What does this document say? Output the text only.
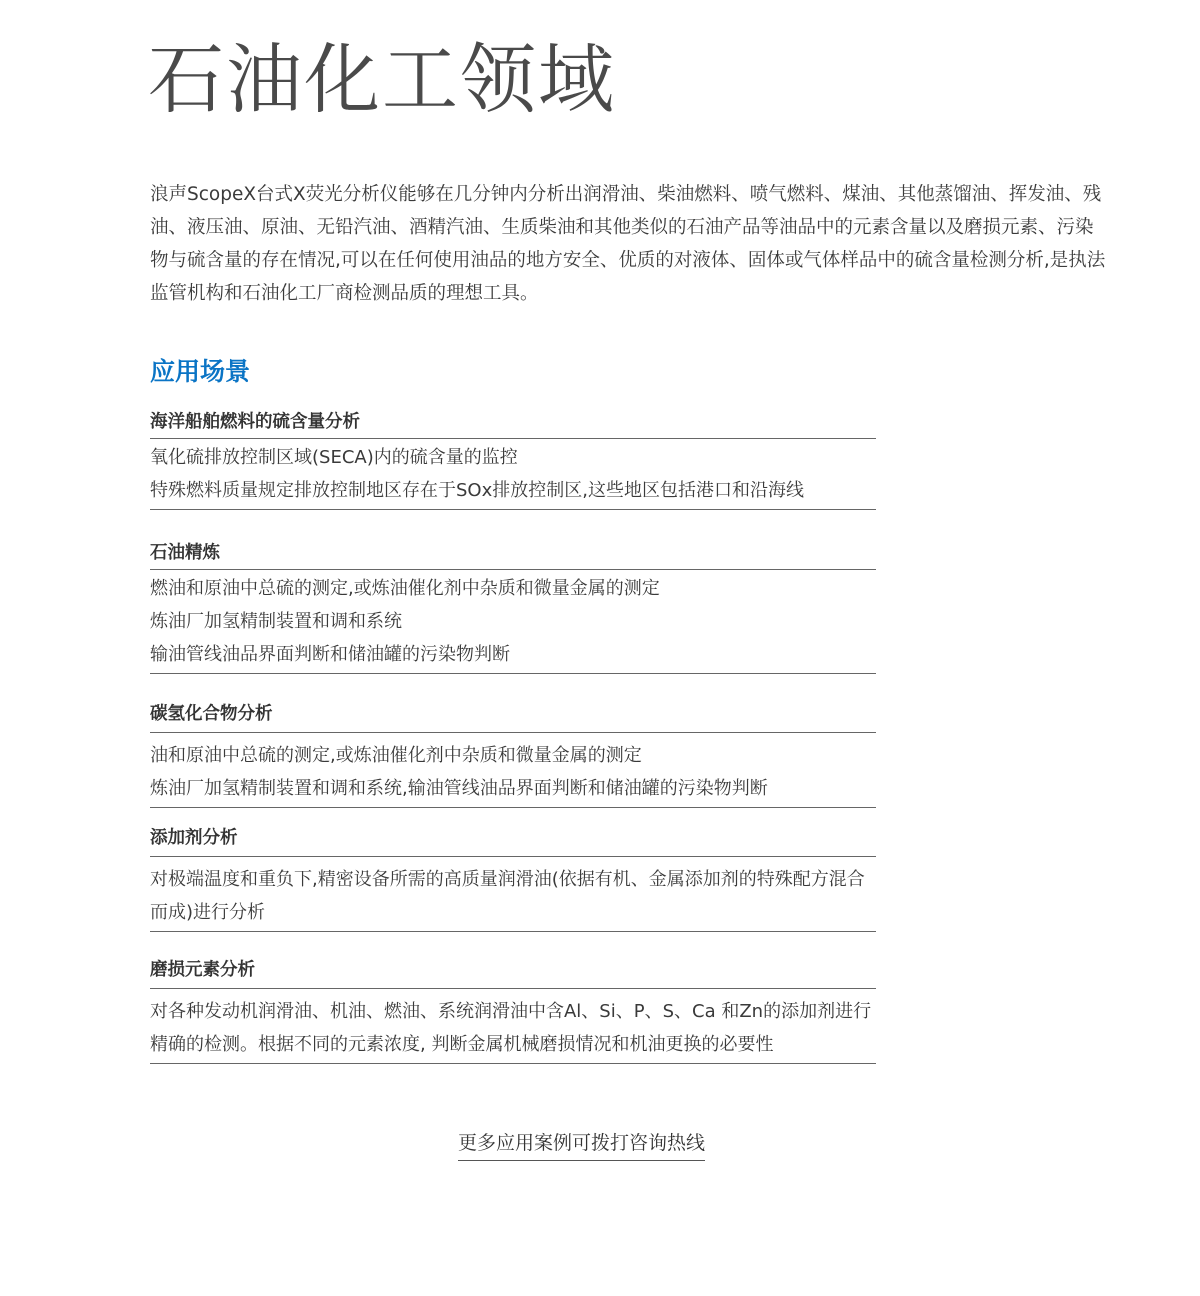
石油化工领域

浪声ScopeX台式X荧光分析仪能够在几分钟内分析出润滑油、柴油燃料、喷气燃料、煤油、其他蒸馏油、挥发油、残油、液压油、原油、无铅汽油、酒精汽油、生质柴油和其他类似的石油产品等油品中的元素含量以及磨损元素、污染物与硫含量的存在情况,可以在任何使用油品的地方安全、优质的对液体、固体或气体样品中的硫含量检测分析,是执法监管机构和石油化工厂商检测品质的理想工具。

应用场景
海洋船舶燃料的硫含量分析
氧化硫排放控制区域(SECA)内的硫含量的监控
特殊燃料质量规定排放控制地区存在于SOx排放控制区,这些地区包括港口和沿海线
石油精炼
燃油和原油中总硫的测定,或炼油催化剂中杂质和微量金属的测定
炼油厂加氢精制装置和调和系统
输油管线油品界面判断和储油罐的污染物判断
碳氢化合物分析
油和原油中总硫的测定,或炼油催化剂中杂质和微量金属的测定
炼油厂加氢精制装置和调和系统,输油管线油品界面判断和储油罐的污染物判断
添加剂分析
对极端温度和重负下,精密设备所需的高质量润滑油(依据有机、金属添加剂的特殊配方混合而成)进行分析
磨损元素分析
对各种发动机润滑油、机油、燃油、系统润滑油中含Al、Si、P、S、Ca 和Zn的添加剂进行精确的检测。根据不同的元素浓度, 判断金属机械磨损情况和机油更换的必要性
更多应用案例可拨打咨询热线
